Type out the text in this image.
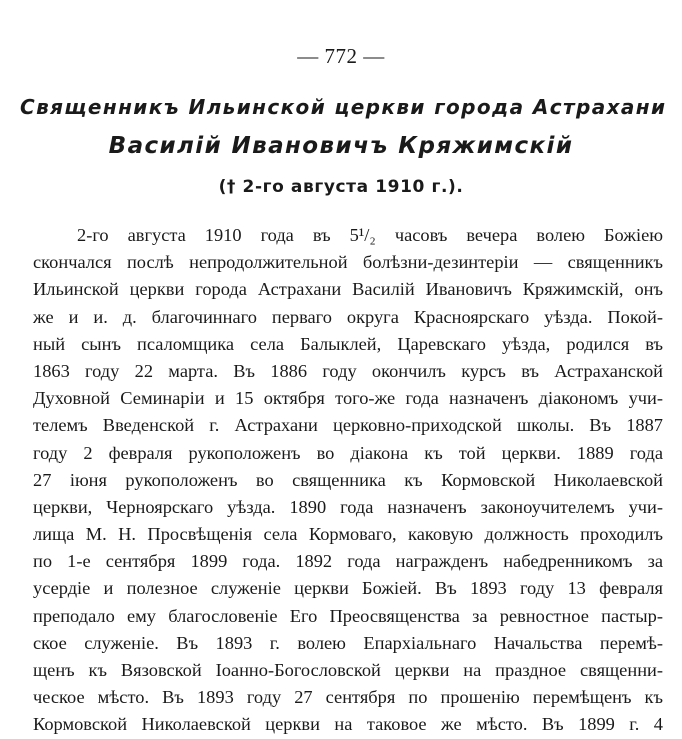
— 772 —
Священникъ Ильинской церкви города Астрахани
Василій Ивановичъ Кряжимскій
(† 2-го августа 1910 г.).
2-го августа 1910 года въ 5¹/₂ часовъ вечера волею Божіею
скончался послѣ непродолжительной болѣзни-дезинтеріи — священникъ
Ильинской церкви города Астрахани Василій Ивановичъ Кряжимскій, онъ
же и и. д. благочиннаго перваго округа Красноярскаго уѣзда. Покой-
ный сынъ псаломщика села Балыклей, Царевскаго уѣзда, родился въ
1863 году 22 марта. Въ 1886 году окончилъ курсъ въ Астраханской
Духовной Семинаріи и 15 октября того-же года назначенъ діакономъ учи-
телемъ Введенской г. Астрахани церковно-приходской школы. Въ 1887
году 2 февраля рукоположенъ во діакона къ той церкви. 1889 года
27 іюня рукоположенъ во священника къ Кормовской Николаевской
церкви, Черноярскаго уѣзда. 1890 года назначенъ законоучителемъ учи-
лища М. Н. Просвѣщенія села Кормоваго, каковую должность проходилъ
по 1-е сентября 1899 года. 1892 года награжденъ набедренникомъ за
усердіе и полезное служеніе церкви Божіей. Въ 1893 году 13 февраля
преподало ему благословеніе Его Преосвященства за ревностное пастыр-
ское служеніе. Въ 1893 г. волею Епархіальнаго Начальства перемѣ-
щенъ къ Вязовской Іоанно-Богословской церкви на праздное священни-
ческое мѣсто. Въ 1893 году 27 сентября по прошенію перемѣщенъ къ
Кормовской Николаевской церкви на таковое же мѣсто. Въ 1899 г. 4
